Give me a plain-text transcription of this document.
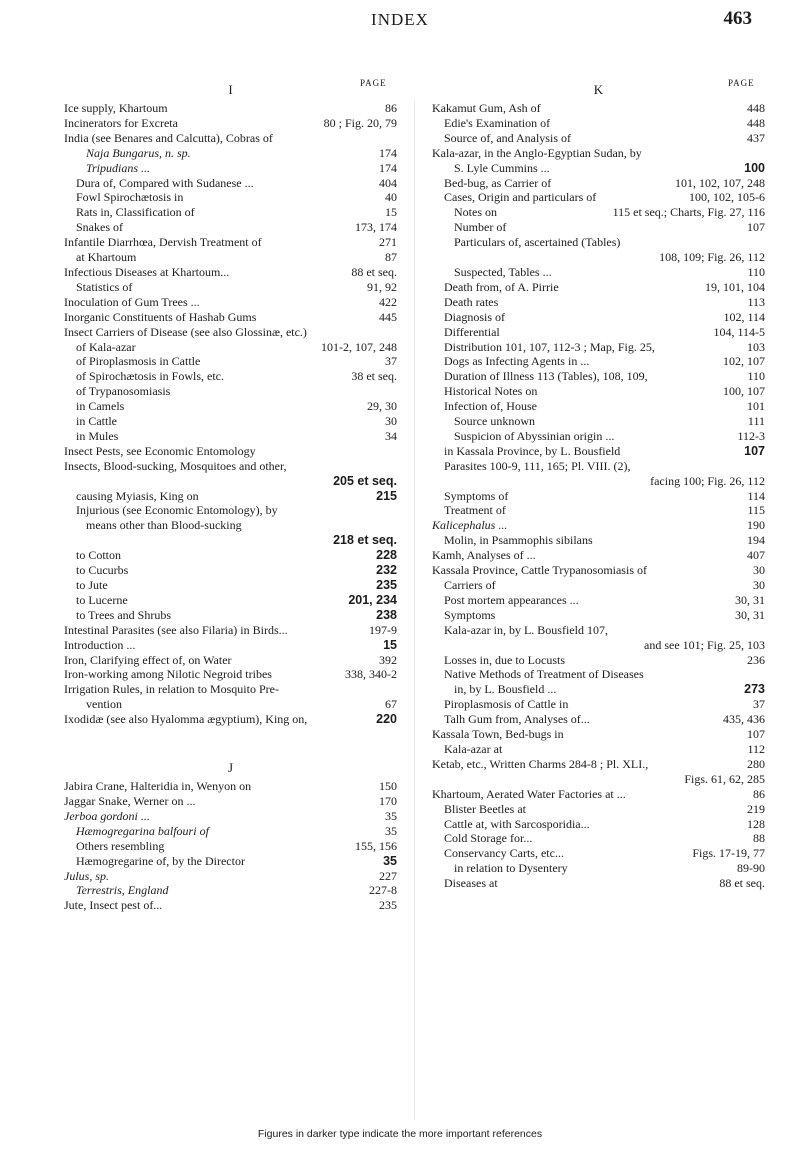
INDEX	463
PAGE	PAGE
I
Ice supply, Khartoum	86
Incinerators for Excreta	80 ; Fig. 20, 79
India (see Benares and Calcutta), Cobras of
Naja Bungarus, n. sp.	174
Tripudians ...	174
Dura of, Compared with Sudanese ...	404
Fowl Spirochætosis in	40
Rats in, Classification of	15
Snakes of	173, 174
Infantile Diarrhœa, Dervish Treatment of	271
at Khartoum	87
Infectious Diseases at Khartoum...	88 et seq.
Statistics of	91, 92
Inoculation of Gum Trees ...	422
Inorganic Constituents of Hashab Gums	445
Insect Carriers of Disease (see also Glossinæ, etc.)
of Kala-azar	101-2, 107, 248
of Piroplasmosis in Cattle	37
of Spirochætosis in Fowls, etc.	38 et seq.
of Trypanosomiasis
in Camels	29, 30
in Cattle	30
in Mules	34
Insect Pests, see Economic Entomology
Insects, Blood-sucking, Mosquitoes and other,
205 et seq.
causing Myiasis, King on	215
Injurious (see Economic Entomology), by
means other than Blood-sucking
218 et seq.
to Cotton	228
to Cucurbs	232
to Jute	235
to Lucerne	201, 234
to Trees and Shrubs	238
Intestinal Parasites (see also Filaria) in Birds...	197-9
Introduction ...	15
Iron, Clarifying effect of, on Water	392
Iron-working among Nilotic Negroid tribes	338, 340-2
Irrigation Rules, in relation to Mosquito Pre-
vention	67
Ixodidæ (see also Hyalomma ægyptium), King on,	220
J
Jabira Crane, Halteridia in, Wenyon on	150
Jaggar Snake, Werner on ...	170
Jerboa gordoni ...	35
Hæmogregarina balfouri of	35
Others resembling	155, 156
Hæmogregarine of, by the Director	35
Julus, sp.	227
Terrestris, England	227-8
Jute, Insect pest of...	235
K
Kakamut Gum, Ash of	448
Edie's Examination of	448
Source of, and Analysis of	437
Kala-azar, in the Anglo-Egyptian Sudan, by
S. Lyle Cummins ...	100
Bed-bug, as Carrier of	101, 102, 107, 248
Cases, Origin and particulars of	100, 102, 105-6
Notes on	115 et seq.; Charts, Fig. 27, 116
Number of	107
Particulars of, ascertained (Tables)
108, 109; Fig. 26, 112
Suspected, Tables ...	110
Death from, of A. Pirrie	19, 101, 104
Death rates	113
Diagnosis of	102, 114
Differential	104, 114-5
Distribution 101, 107, 112-3 ; Map, Fig. 25,	103
Dogs as Infecting Agents in ...	102, 107
Duration of Illness 113 (Tables), 108, 109,	110
Historical Notes on	100, 107
Infection of, House	101
Source unknown	111
Suspicion of Abyssinian origin ...	112-3
in Kassala Province, by L. Bousfield	107
Parasites 100-9, 111, 165; Pl. VIII. (2),
facing 100; Fig. 26, 112
Symptoms of	114
Treatment of	115
Kalicephalus ...	190
Molin, in Psammophis sibilans	194
Kamh, Analyses of ...	407
Kassala Province, Cattle Trypanosomiasis of	30
Carriers of	30
Post mortem appearances ...	30, 31
Symptoms	30, 31
Kala-azar in, by L. Bousfield 107,
and see 101; Fig. 25, 103
Losses in, due to Locusts	236
Native Methods of Treatment of Diseases
in, by L. Bousfield ...	273
Piroplasmosis of Cattle in	37
Talh Gum from, Analyses of...	435, 436
Kassala Town, Bed-bugs in	107
Kala-azar at	112
Ketab, etc., Written Charms 284-8 ; Pl. XLI.,	280
Figs. 61, 62, 285
Khartoum, Aerated Water Factories at ...	86
Blister Beetles at	219
Cattle at, with Sarcosporidia...	128
Cold Storage for...	88
Conservancy Carts, etc...	Figs. 17-19, 77
in relation to Dysentery	89-90
Diseases at	88 et seq.
Figures in darker type indicate the more important references
